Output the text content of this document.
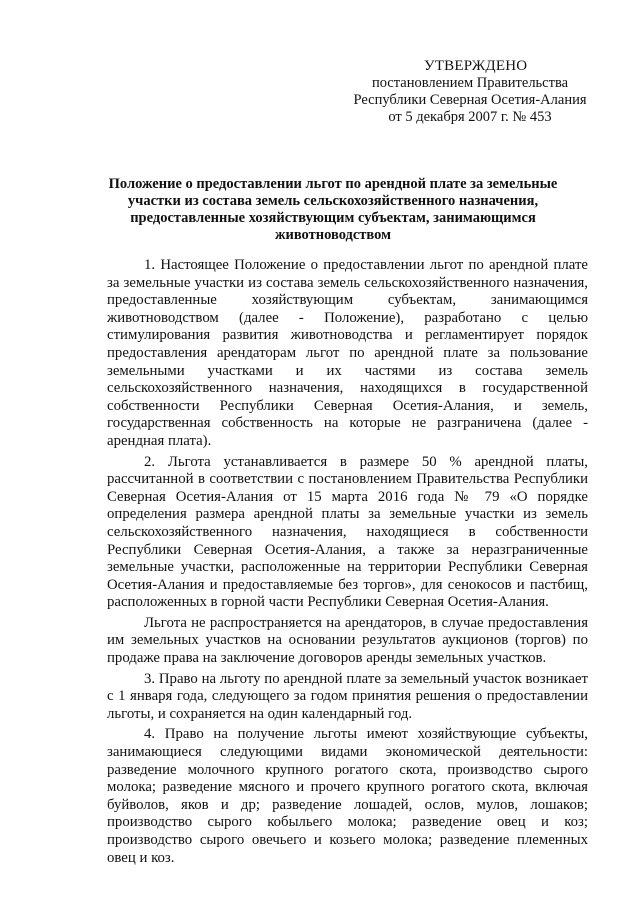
УТВЕРЖДЕНО
постановлением Правительства
Республики Северная Осетия-Алания
от 5 декабря 2007 г. № 453
Положение о предоставлении льгот по арендной плате за земельные участки из состава земель сельскохозяйственного назначения, предоставленные хозяйствующим субъектам, занимающимся животноводством

1. Настоящее Положение о предоставлении льгот по арендной плате за земельные участки из состава земель сельскохозяйственного назначения, предоставленные хозяйствующим субъектам, занимающимся животноводством (далее - Положение), разработано с целью стимулирования развития животноводства и регламентирует порядок предоставления арендаторам льгот по арендной плате за пользование земельными участками и их частями из состава земель сельскохозяйственного назначения, находящихся в государственной собственности Республики Северная Осетия-Алания, и земель, государственная собственность на которые не разграничена (далее - арендная плата).

2. Льгота устанавливается в размере 50 % арендной платы, рассчитанной в соответствии с постановлением Правительства Республики Северная Осетия-Алания от 15 марта 2016 года № 79 «О порядке определения размера арендной платы за земельные участки из земель сельскохозяйственного назначения, находящиеся в собственности Республики Северная Осетия-Алания, а также за неразграниченные земельные участки, расположенные на территории Республики Северная Осетия-Алания и предоставляемые без торгов», для сенокосов и пастбищ, расположенных в горной части Республики Северная Осетия-Алания.

Льгота не распространяется на арендаторов, в случае предоставления им земельных участков на основании результатов аукционов (торгов) по продаже права на заключение договоров аренды земельных участков.

3. Право на льготу по арендной плате за земельный участок возникает с 1 января года, следующего за годом принятия решения о предоставлении льготы, и сохраняется на один календарный год.

4. Право на получение льготы имеют хозяйствующие субъекты, занимающиеся следующими видами экономической деятельности: разведение молочного крупного рогатого скота, производство сырого молока; разведение мясного и прочего крупного рогатого скота, включая буйволов, яков и др; разведение лошадей, ослов, мулов, лошаков; производство сырого кобыльего молока; разведение овец и коз; производство сырого овечьего и козьего молока; разведение племенных овец и коз.
